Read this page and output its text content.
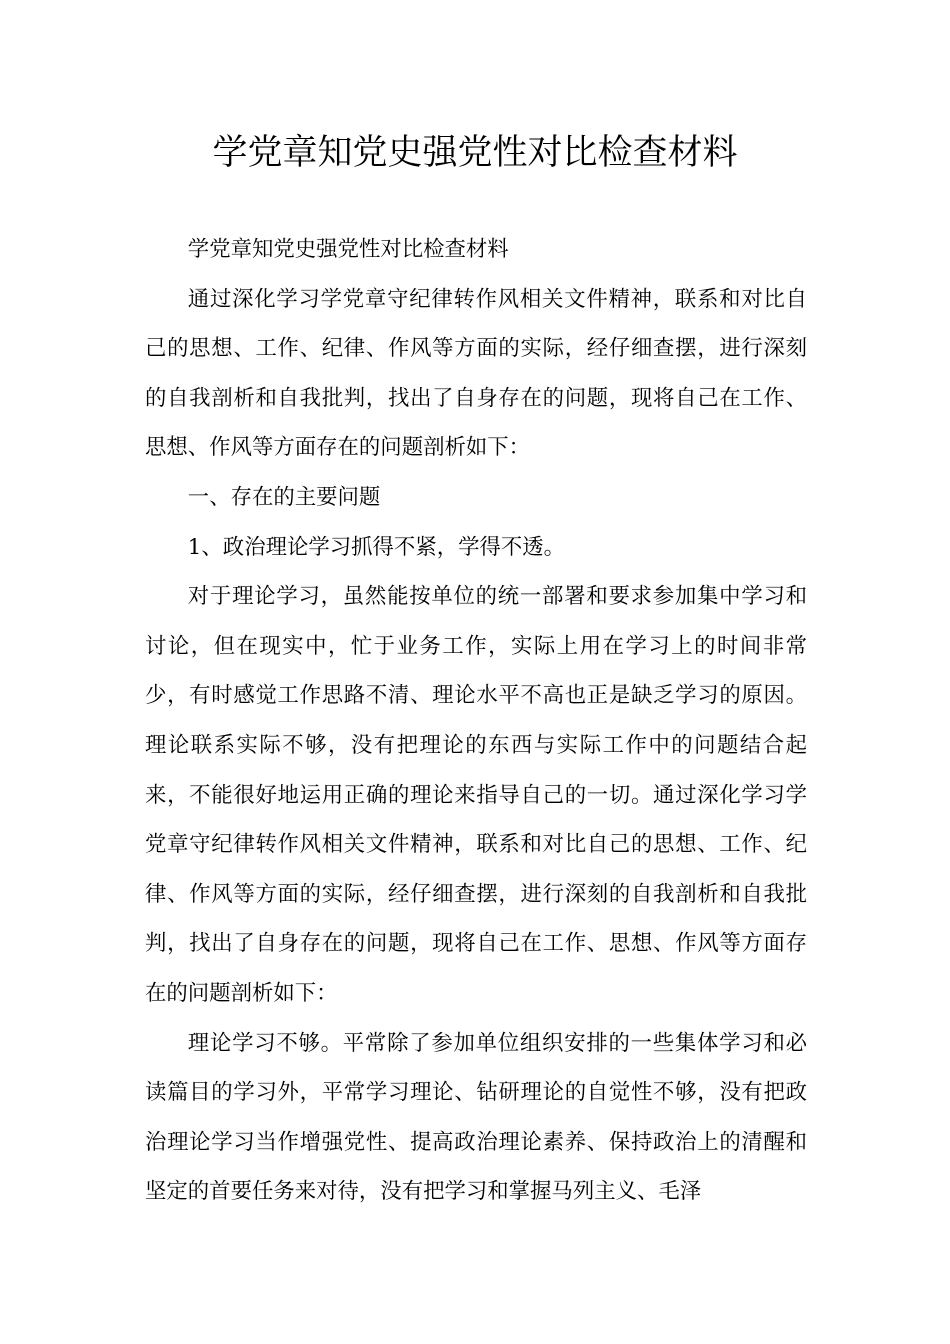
学党章知党史强党性对比检查材料

学党章知党史强党性对比检查材料

通过深化学习学党章守纪律转作风相关文件精神，联系和对比自己的思想、工作、纪律、作风等方面的实际，经仔细查摆，进行深刻的自我剖析和自我批判，找出了自身存在的问题，现将自己在工作、思想、作风等方面存在的问题剖析如下：

一、存在的主要问题

1、政治理论学习抓得不紧，学得不透。

对于理论学习，虽然能按单位的统一部署和要求参加集中学习和讨论，但在现实中，忙于业务工作，实际上用在学习上的时间非常少，有时感觉工作思路不清、理论水平不高也正是缺乏学习的原因。理论联系实际不够，没有把理论的东西与实际工作中的问题结合起来，不能很好地运用正确的理论来指导自己的一切。通过深化学习学党章守纪律转作风相关文件精神，联系和对比自己的思想、工作、纪律、作风等方面的实际，经仔细查摆，进行深刻的自我剖析和自我批判，找出了自身存在的问题，现将自己在工作、思想、作风等方面存在的问题剖析如下：

理论学习不够。平常除了参加单位组织安排的一些集体学习和必读篇目的学习外，平常学习理论、钻研理论的自觉性不够，没有把政治理论学习当作增强党性、提高政治理论素养、保持政治上的清醒和坚定的首要任务来对待，没有把学习和掌握马列主义、毛泽
